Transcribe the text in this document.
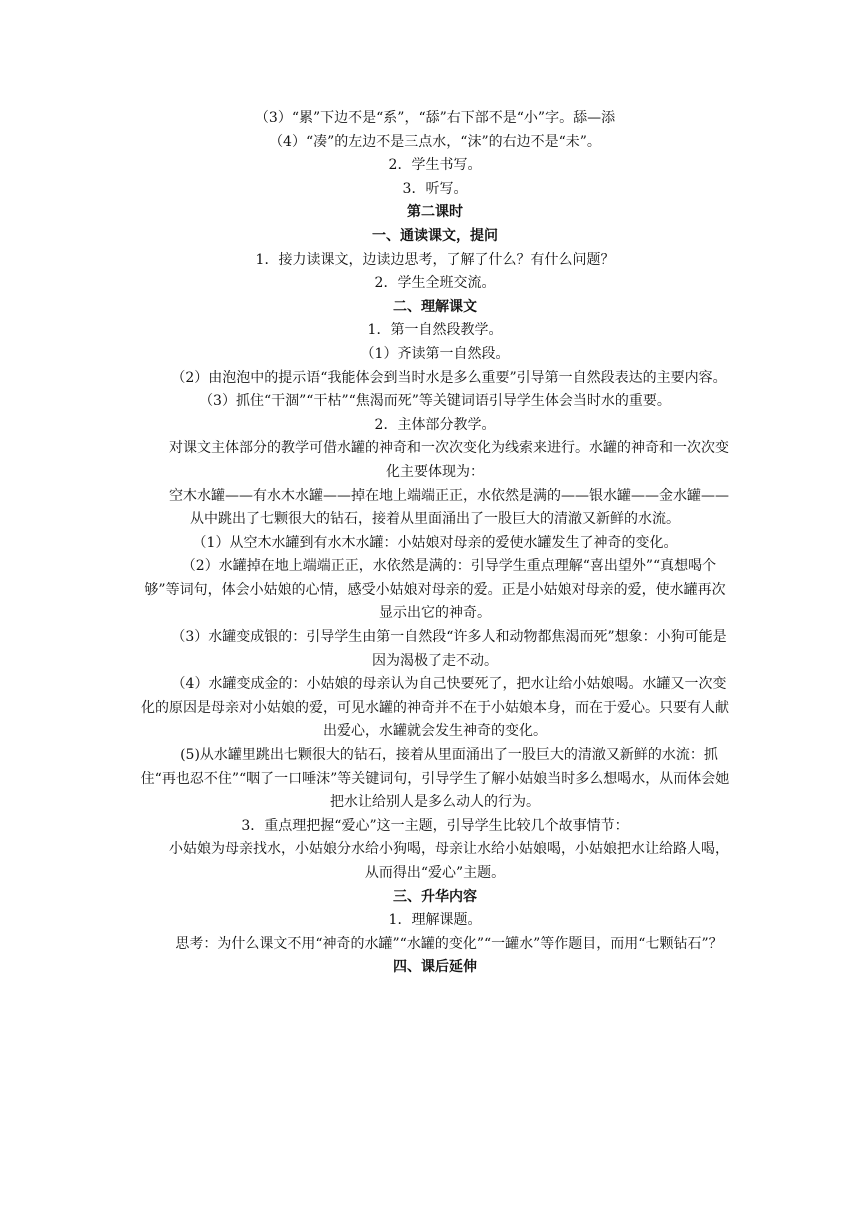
（3）“累”下边不是“系”，“舔”右下部不是“小”字。舔—添
（4）“凑”的左边不是三点水，“沫”的右边不是“未”。
2．学生书写。
3．听写。
第二课时
一、通读课文，提问
1．接力读课文，边读边思考，了解了什么？有什么问题？
2．学生全班交流。
二、理解课文
1．第一自然段教学。
（1）齐读第一自然段。
（2）由泡泡中的提示语“我能体会到当时水是多么重要”引导第一自然段表达的主要内容。
（3）抓住“干涸”“干枯”“焦渴而死”等关键词语引导学生体会当时水的重要。
2．主体部分教学。
对课文主体部分的教学可借水罐的神奇和一次次变化为线索来进行。水罐的神奇和一次次变化主要体现为：
空木水罐——有水木水罐——掉在地上端端正正，水依然是满的——银水罐——金水罐——从中跳出了七颗很大的钻石，接着从里面涌出了一股巨大的清澈又新鲜的水流。
（1）从空木水罐到有水木水罐：小姑娘对母亲的爱使水罐发生了神奇的变化。
（2）水罐掉在地上端端正正，水依然是满的：引导学生重点理解“喜出望外”“真想喝个够”等词句，体会小姑娘的心情，感受小姑娘对母亲的爱。正是小姑娘对母亲的爱，使水罐再次显示出它的神奇。
（3）水罐变成银的：引导学生由第一自然段“许多人和动物都焦渴而死”想象：小狗可能是因为渴极了走不动。
（4）水罐变成金的：小姑娘的母亲认为自己快要死了，把水让给小姑娘喝。水罐又一次变化的原因是母亲对小姑娘的爱，可见水罐的神奇并不在于小姑娘本身，而在于爱心。只要有人献出爱心，水罐就会发生神奇的变化。
(5)从水罐里跳出七颗很大的钻石，接着从里面涌出了一股巨大的清澈又新鲜的水流：抓住“再也忍不住”“咽了一口唾沫”等关键词句，引导学生了解小姑娘当时多么想喝水，从而体会她把水让给别人是多么动人的行为。
3．重点理把握“爱心”这一主题，引导学生比较几个故事情节：
小姑娘为母亲找水，小姑娘分水给小狗喝，母亲让水给小姑娘喝，小姑娘把水让给路人喝，从而得出“爱心”主题。
三、升华内容
1．理解课题。
思考：为什么课文不用“神奇的水罐”“水罐的变化”“一罐水”等作题目，而用“七颗钻石”？
四、课后延伸
